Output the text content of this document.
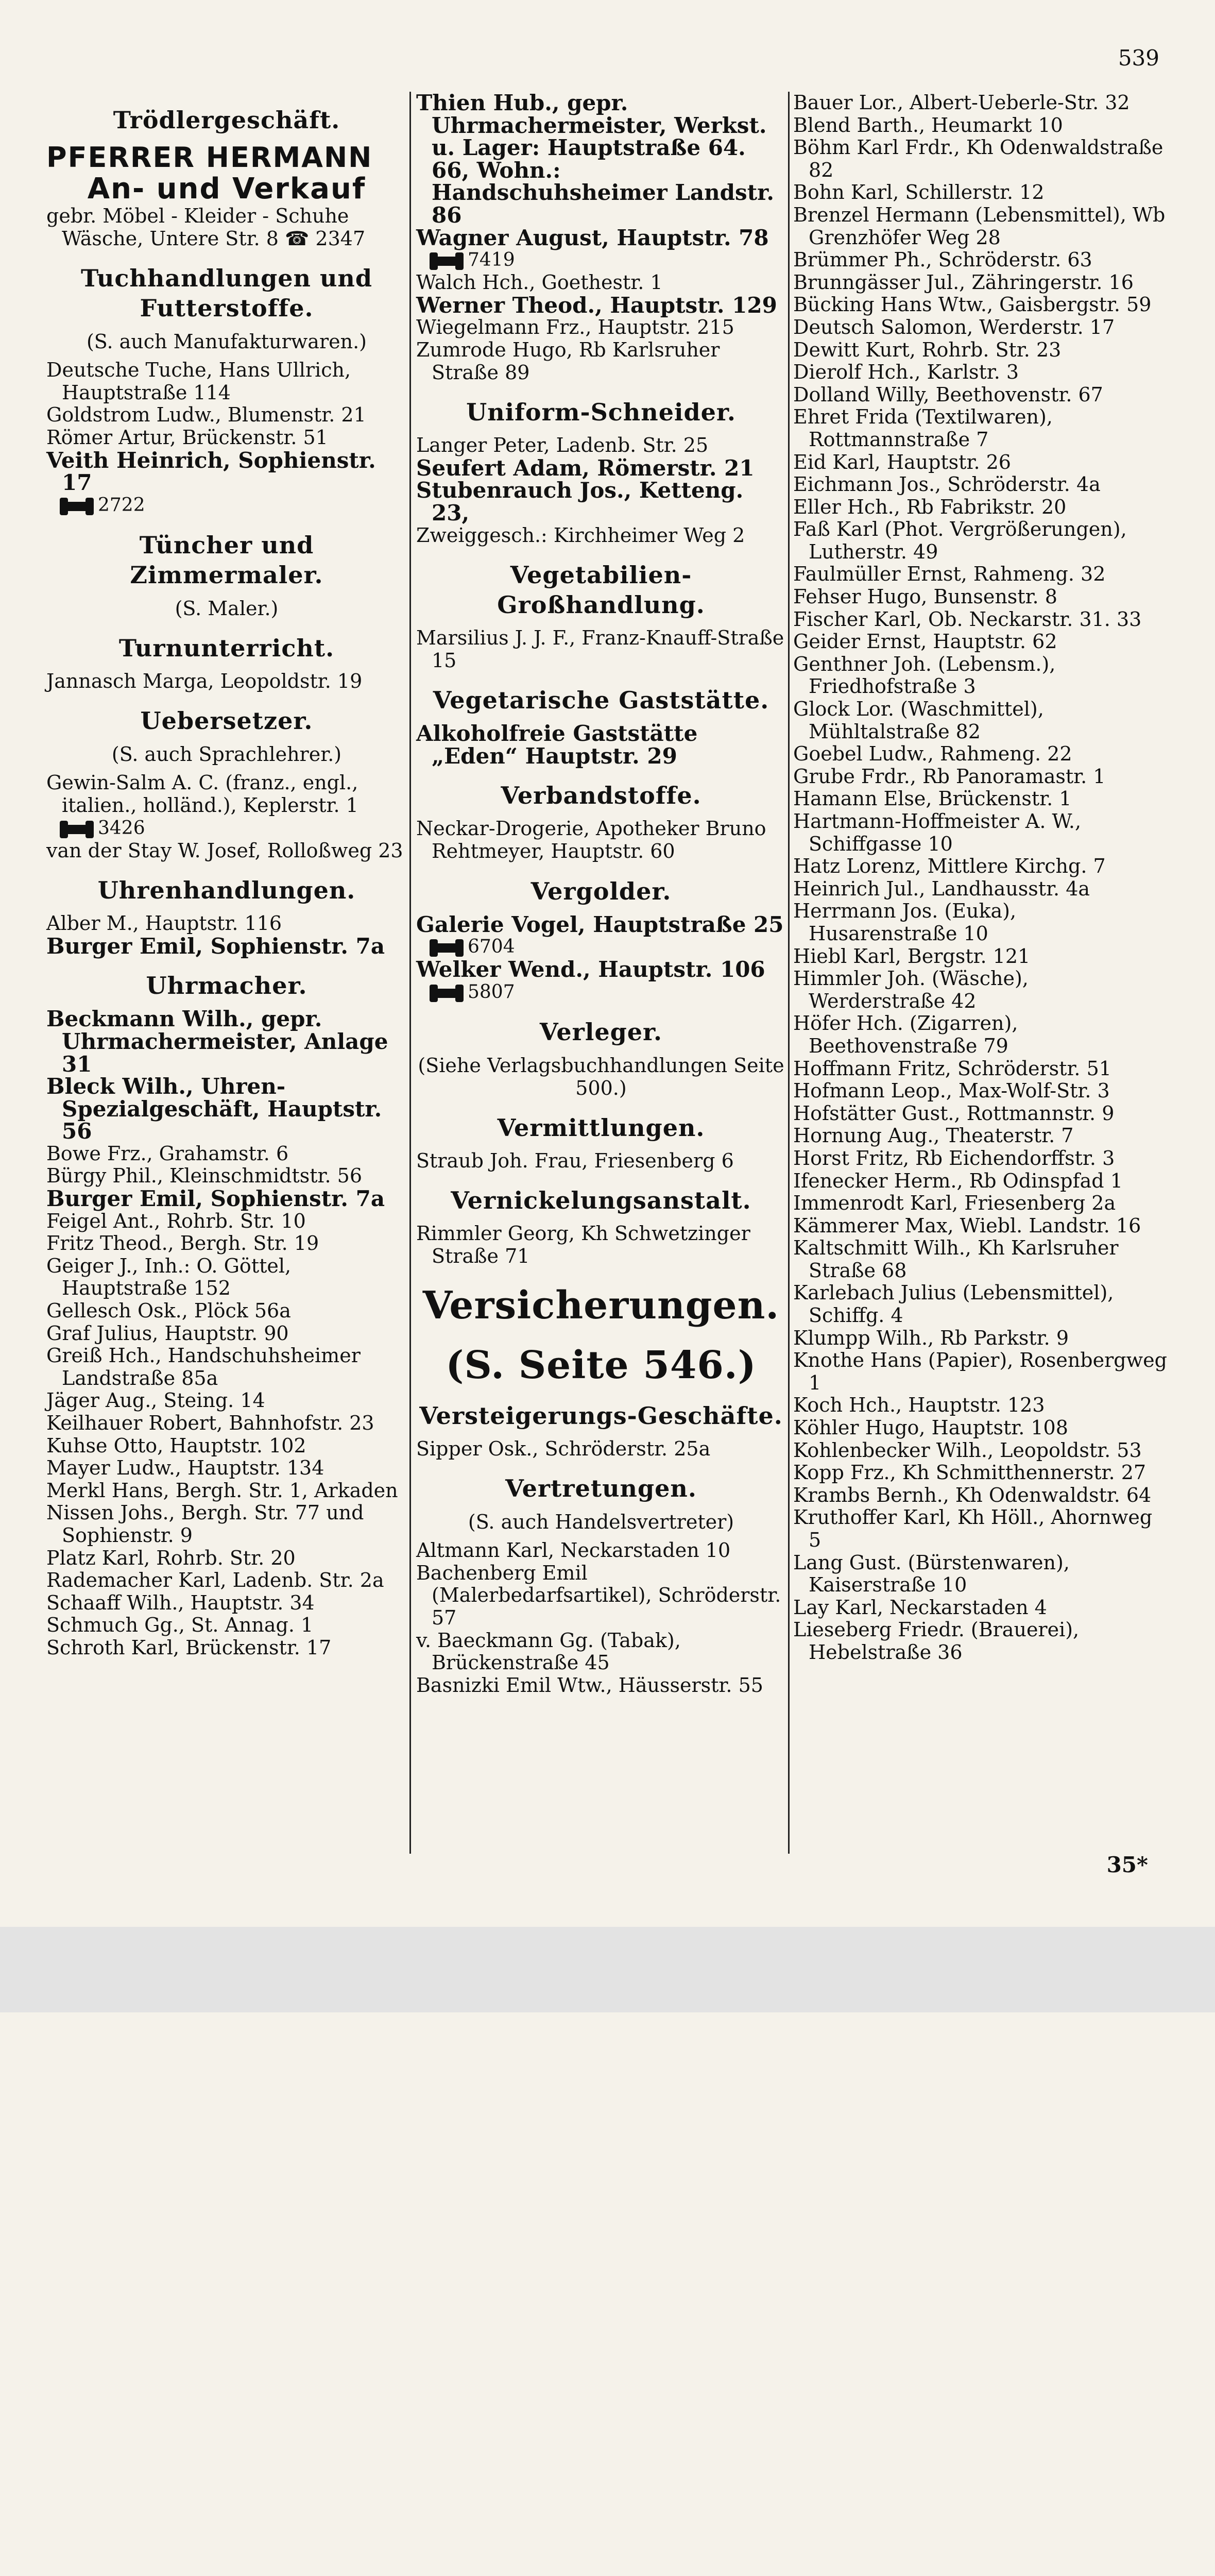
539
Trödlergeschäft.
PFERRER HERMANN
An- und Verkauf
gebr. Möbel - Kleider - Schuhe Wäsche, Untere Str. 8 ☎ 2347
Tuchhandlungen und Futterstoffe.
(S. auch Manufakturwaren.)
Deutsche Tuche, Hans Ullrich, Hauptstraße 114
Goldstrom Ludw., Blumenstr. 21
Römer Artur, Brückenstr. 51
Veith Heinrich, Sophienstr. 17
2722
Tüncher und Zimmermaler.
(S. Maler.)
Turnunterricht.
Jannasch Marga, Leopoldstr. 19
Uebersetzer.
(S. auch Sprachlehrer.)
Gewin-Salm A. C. (franz., engl., italien., holländ.), Keplerstr. 1
3426
van der Stay W. Josef, Rolloßweg 23
Uhrenhandlungen.
Alber M., Hauptstr. 116
Burger Emil, Sophienstr. 7a
Uhrmacher.
Beckmann Wilh., gepr. Uhrmachermeister, Anlage 31
Bleck Wilh., Uhren-Spezialgeschäft, Hauptstr. 56
Bowe Frz., Grahamstr. 6
Bürgy Phil., Kleinschmidtstr. 56
Burger Emil, Sophienstr. 7a
Feigel Ant., Rohrb. Str. 10
Fritz Theod., Bergh. Str. 19
Geiger J., Inh.: O. Göttel, Hauptstraße 152
Gellesch Osk., Plöck 56a
Graf Julius, Hauptstr. 90
Greiß Hch., Handschuhsheimer Landstraße 85a
Jäger Aug., Steing. 14
Keilhauer Robert, Bahnhofstr. 23
Kuhse Otto, Hauptstr. 102
Mayer Ludw., Hauptstr. 134
Merkl Hans, Bergh. Str. 1, Arkaden
Nissen Johs., Bergh. Str. 77 und Sophienstr. 9
Platz Karl, Rohrb. Str. 20
Rademacher Karl, Ladenb. Str. 2a
Schaaff Wilh., Hauptstr. 34
Schmuch Gg., St. Annag. 1
Schroth Karl, Brückenstr. 17
Thien Hub., gepr. Uhrmachermeister, Werkst. u. Lager: Hauptstraße 64. 66, Wohn.: Handschuhsheimer Landstr. 86
Wagner August, Hauptstr. 78
7419
Walch Hch., Goethestr. 1
Werner Theod., Hauptstr. 129
Wiegelmann Frz., Hauptstr. 215
Zumrode Hugo, Rb Karlsruher Straße 89
Uniform-Schneider.
Langer Peter, Ladenb. Str. 25
Seufert Adam, Römerstr. 21
Stubenrauch Jos., Ketteng. 23,
Zweiggesch.: Kirchheimer Weg 2
Vegetabilien-Großhandlung.
Marsilius J. J. F., Franz-Knauff-Straße 15
Vegetarische Gaststätte.
Alkoholfreie Gaststätte „Eden“ Hauptstr. 29
Verbandstoffe.
Neckar-Drogerie, Apotheker Bruno Rehtmeyer, Hauptstr. 60
Vergolder.
Galerie Vogel, Hauptstraße 25
6704
Welker Wend., Hauptstr. 106
5807
Verleger.
(Siehe Verlagsbuchhandlungen Seite 500.)
Vermittlungen.
Straub Joh. Frau, Friesenberg 6
Vernickelungsanstalt.
Rimmler Georg, Kh Schwetzinger Straße 71
Versicherungen.
(S. Seite 546.)
Versteigerungs-Geschäfte.
Sipper Osk., Schröderstr. 25a
Vertretungen.
(S. auch Handelsvertreter)
Altmann Karl, Neckarstaden 10
Bachenberg Emil (Malerbedarfsartikel), Schröderstr. 57
v. Baeckmann Gg. (Tabak), Brückenstraße 45
Basnizki Emil Wtw., Häusserstr. 55
Bauer Lor., Albert-Ueberle-Str. 32
Blend Barth., Heumarkt 10
Böhm Karl Frdr., Kh Odenwaldstraße 82
Bohn Karl, Schillerstr. 12
Brenzel Hermann (Lebensmittel), Wb Grenzhöfer Weg 28
Brümmer Ph., Schröderstr. 63
Brunngässer Jul., Zähringerstr. 16
Bücking Hans Wtw., Gaisbergstr. 59
Deutsch Salomon, Werderstr. 17
Dewitt Kurt, Rohrb. Str. 23
Dierolf Hch., Karlstr. 3
Dolland Willy, Beethovenstr. 67
Ehret Frida (Textilwaren), Rottmannstraße 7
Eid Karl, Hauptstr. 26
Eichmann Jos., Schröderstr. 4a
Eller Hch., Rb Fabrikstr. 20
Faß Karl (Phot. Vergrößerungen), Lutherstr. 49
Faulmüller Ernst, Rahmeng. 32
Fehser Hugo, Bunsenstr. 8
Fischer Karl, Ob. Neckarstr. 31. 33
Geider Ernst, Hauptstr. 62
Genthner Joh. (Lebensm.), Friedhofstraße 3
Glock Lor. (Waschmittel), Mühltalstraße 82
Goebel Ludw., Rahmeng. 22
Grube Frdr., Rb Panoramastr. 1
Hamann Else, Brückenstr. 1
Hartmann-Hoffmeister A. W., Schiffgasse 10
Hatz Lorenz, Mittlere Kirchg. 7
Heinrich Jul., Landhausstr. 4a
Herrmann Jos. (Euka), Husarenstraße 10
Hiebl Karl, Bergstr. 121
Himmler Joh. (Wäsche), Werderstraße 42
Höfer Hch. (Zigarren), Beethovenstraße 79
Hoffmann Fritz, Schröderstr. 51
Hofmann Leop., Max-Wolf-Str. 3
Hofstätter Gust., Rottmannstr. 9
Hornung Aug., Theaterstr. 7
Horst Fritz, Rb Eichendorffstr. 3
Ifenecker Herm., Rb Odinspfad 1
Immenrodt Karl, Friesenberg 2a
Kämmerer Max, Wiebl. Landstr. 16
Kaltschmitt Wilh., Kh Karlsruher Straße 68
Karlebach Julius (Lebensmittel), Schiffg. 4
Klumpp Wilh., Rb Parkstr. 9
Knothe Hans (Papier), Rosenbergweg 1
Koch Hch., Hauptstr. 123
Köhler Hugo, Hauptstr. 108
Kohlenbecker Wilh., Leopoldstr. 53
Kopp Frz., Kh Schmitthennerstr. 27
Krambs Bernh., Kh Odenwaldstr. 64
Kruthoffer Karl, Kh Höll., Ahornweg 5
Lang Gust. (Bürstenwaren), Kaiserstraße 10
Lay Karl, Neckarstaden 4
Lieseberg Friedr. (Brauerei), Hebelstraße 36
35*
